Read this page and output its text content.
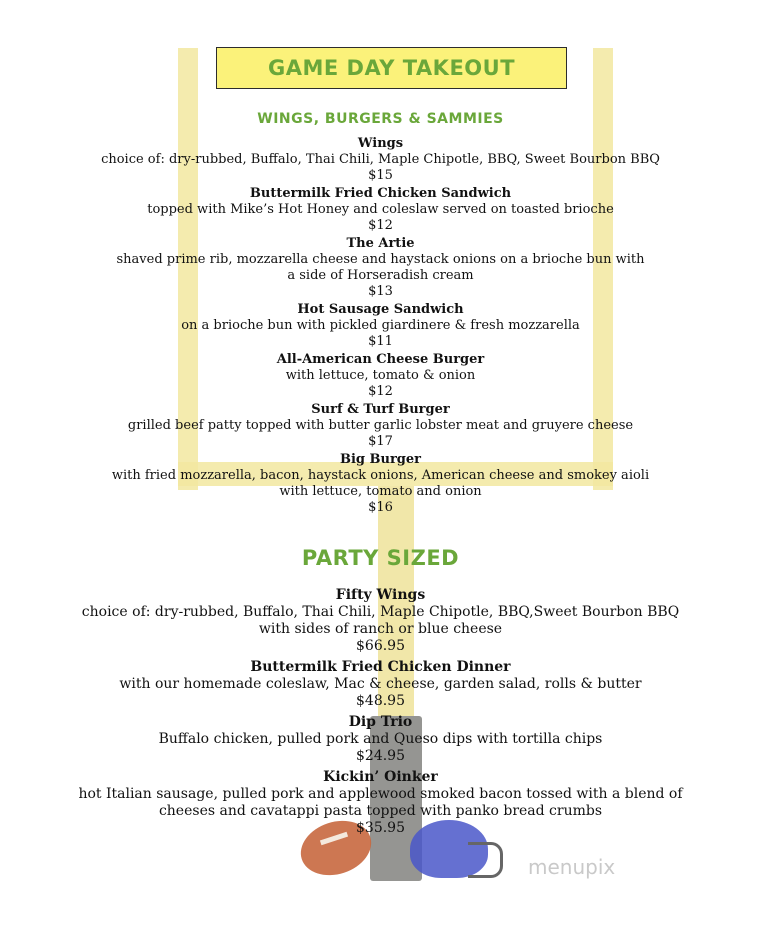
GAME DAY TAKEOUT
WINGS, BURGERS & SAMMIES
Wings
choice of: dry-rubbed, Buffalo, Thai Chili, Maple Chipotle, BBQ, Sweet Bourbon BBQ
$15
Buttermilk Fried Chicken Sandwich
topped with Mike’s Hot Honey and coleslaw served on toasted brioche
$12
The Artie
shaved prime rib, mozzarella cheese and haystack onions on a brioche bun with
a side of Horseradish cream
$13
Hot Sausage Sandwich
on a brioche bun with pickled giardinere & fresh mozzarella
$11
All-American Cheese Burger
with lettuce, tomato & onion
$12
Surf & Turf Burger
grilled beef patty topped with butter garlic lobster meat and gruyere cheese
$17
Big Burger
with fried mozzarella, bacon, haystack onions, American cheese and smokey aioli
with lettuce, tomato and onion
$16
PARTY SIZED
Fifty Wings
choice of: dry-rubbed, Buffalo, Thai Chili, Maple Chipotle, BBQ,Sweet Bourbon BBQ
with sides of ranch or blue cheese
$66.95
Buttermilk Fried Chicken Dinner
with our homemade coleslaw, Mac & cheese, garden salad, rolls & butter
$48.95
Dip Trio
Buffalo chicken, pulled pork and Queso dips with tortilla chips
$24.95
Kickin’ Oinker
hot Italian sausage, pulled pork and applewood smoked bacon tossed with a blend of
cheeses and cavatappi pasta topped with panko bread crumbs
$35.95
menupix
